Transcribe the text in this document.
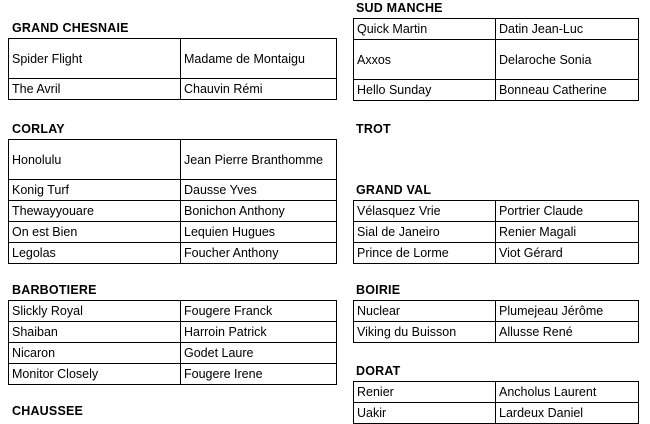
GRAND CHESNAIE
Spider Flight	Madame de Montaigu
The Avril	Chauvin Rémi
CORLAY
Honolulu	Jean Pierre Branthomme
Konig Turf	Dausse Yves
Thewayyouare	Bonichon Anthony
On est Bien	Lequien Hugues
Legolas	Foucher Anthony
BARBOTIERE
Slickly Royal	Fougere Franck
Shaiban	Harroin Patrick
Nicaron	Godet Laure
Monitor Closely	Fougere Irene
CHAUSSEE
SUD MANCHE
Quick Martin	Datin Jean-Luc
Axxos	Delaroche Sonia
Hello Sunday	Bonneau Catherine
TROT
GRAND VAL
Vélasquez Vrie	Portrier Claude
Sial de Janeiro	Renier Magali
Prince de Lorme	Viot Gérard
BOIRIE
Nuclear	Plumejeau Jérôme
Viking du Buisson	Allusse René
DORAT
Renier	Ancholus Laurent
Uakir	Lardeux Daniel
